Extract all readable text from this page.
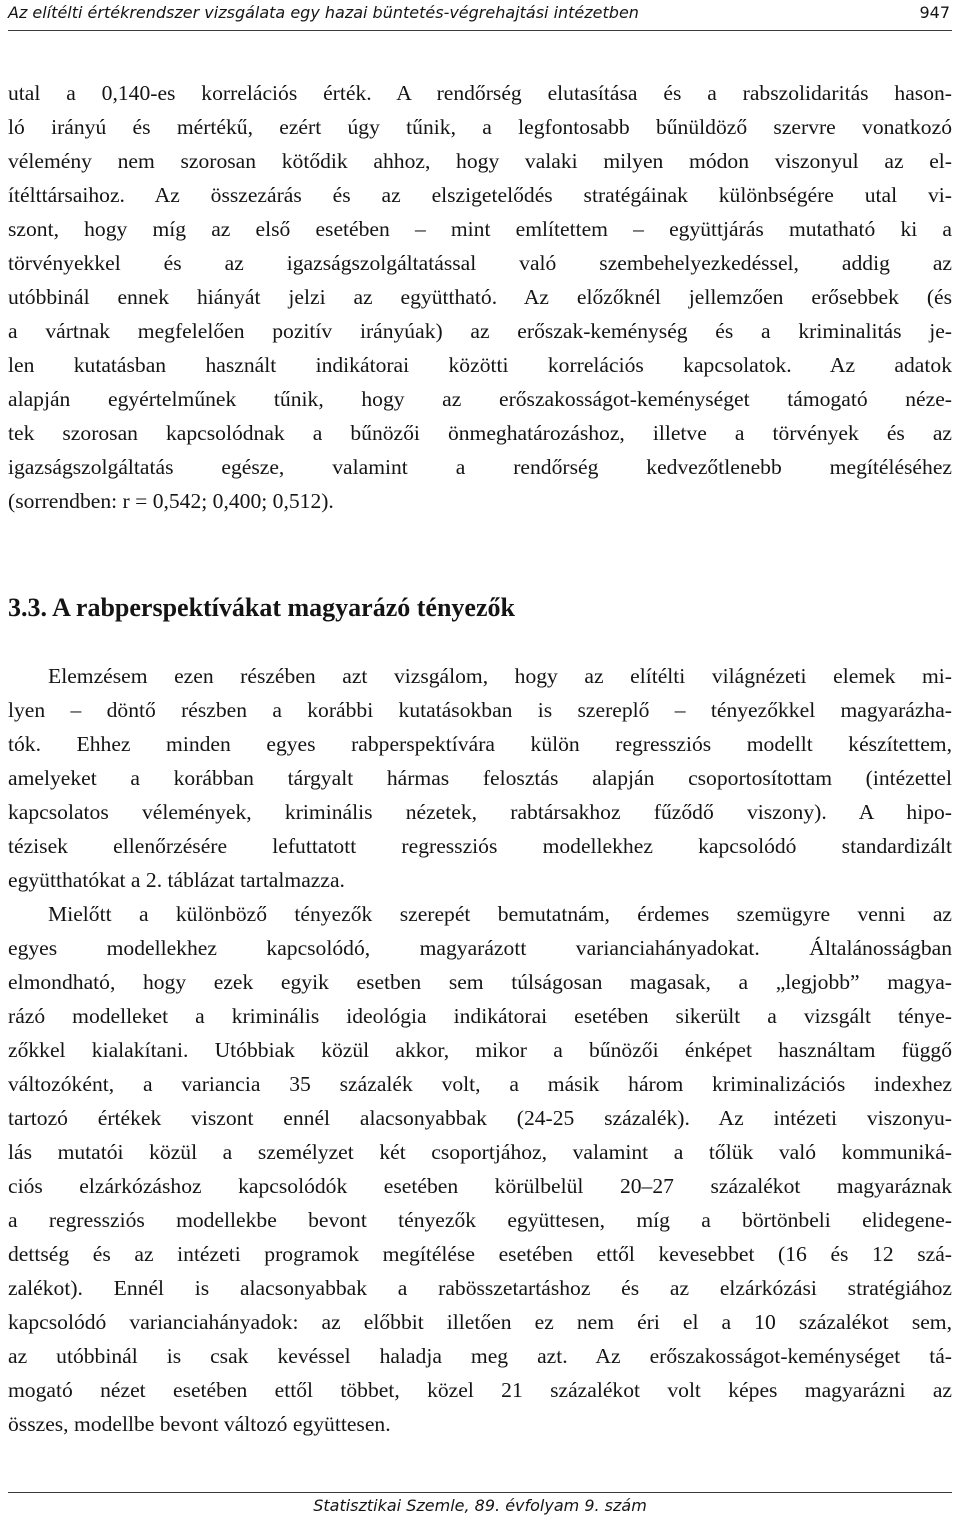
Az elítélti értékrendszer vizsgálata egy hazai büntetés-végrehajtási intézetben	947
utal a 0,140-es korrelációs érték. A rendőrség elutasítása és a rabszolidaritás hason-
ló irányú és mértékű, ezért úgy tűnik, a legfontosabb bűnüldöző szervre vonatkozó
vélemény nem szorosan kötődik ahhoz, hogy valaki milyen módon viszonyul az el-
ítélttársaihoz. Az összezárás és az elszigetelődés stratégáinak különbségére utal vi-
szont, hogy míg az első esetében – mint említettem – együttjárás mutatható ki a
törvényekkel és az igazságszolgáltatással való szembehelyezkedéssel, addig az
utóbbinál ennek hiányát jelzi az együttható. Az előzőknél jellemzően erősebbek (és
a vártnak megfelelően pozitív irányúak) az erőszak-keménység és a kriminalitás je-
len kutatásban használt indikátorai közötti korrelációs kapcsolatok. Az adatok
alapján egyértelműnek tűnik, hogy az erőszakosságot-keménységet támogató néze-
tek szorosan kapcsolódnak a bűnözői önmeghatározáshoz, illetve a törvények és az
igazságszolgáltatás egésze, valamint a rendőrség kedvezőtlenebb megítéléséhez
(sorrendben: r = 0,542; 0,400; 0,512).
3.3. A rabperspektívákat magyarázó tényezők
Elemzésem ezen részében azt vizsgálom, hogy az elítélti világnézeti elemek mi-
lyen – döntő részben a korábbi kutatásokban is szereplő – tényezőkkel magyarázha-
tók. Ehhez minden egyes rabperspektívára külön regressziós modellt készítettem,
amelyeket a korábban tárgyalt hármas felosztás alapján csoportosítottam (intézettel
kapcsolatos vélemények, kriminális nézetek, rabtársakhoz fűződő viszony). A hipo-
tézisek ellenőrzésére lefuttatott regressziós modellekhez kapcsolódó standardizált
együtthatókat a 2. táblázat tartalmazza.
Mielőtt a különböző tényezők szerepét bemutatnám, érdemes szemügyre venni az
egyes modellekhez kapcsolódó, magyarázott varianciahányadokat. Általánosságban
elmondható, hogy ezek egyik esetben sem túlságosan magasak, a „legjobb” magya-
rázó modelleket a kriminális ideológia indikátorai esetében sikerült a vizsgált ténye-
zőkkel kialakítani. Utóbbiak közül akkor, mikor a bűnözői énképet használtam függő
változóként, a variancia 35 százalék volt, a másik három kriminalizációs indexhez
tartozó értékek viszont ennél alacsonyabbak (24-25 százalék). Az intézeti viszonyu-
lás mutatói közül a személyzet két csoportjához, valamint a tőlük való kommuniká-
ciós elzárkózáshoz kapcsolódók esetében körülbelül 20–27 százalékot magyaráznak
a regressziós modellekbe bevont tényezők együttesen, míg a börtönbeli elidegene-
dettség és az intézeti programok megítélése esetében ettől kevesebbet (16 és 12 szá-
zalékot). Ennél is alacsonyabbak a rabösszetartáshoz és az elzárkózási stratégiához
kapcsolódó varianciahányadok: az előbbit illetően ez nem éri el a 10 százalékot sem,
az utóbbinál is csak kevéssel haladja meg azt. Az erőszakosságot-keménységet tá-
mogató nézet esetében ettől többet, közel 21 százalékot volt képes magyarázni az
összes, modellbe bevont változó együttesen.
Statisztikai Szemle, 89. évfolyam 9. szám
